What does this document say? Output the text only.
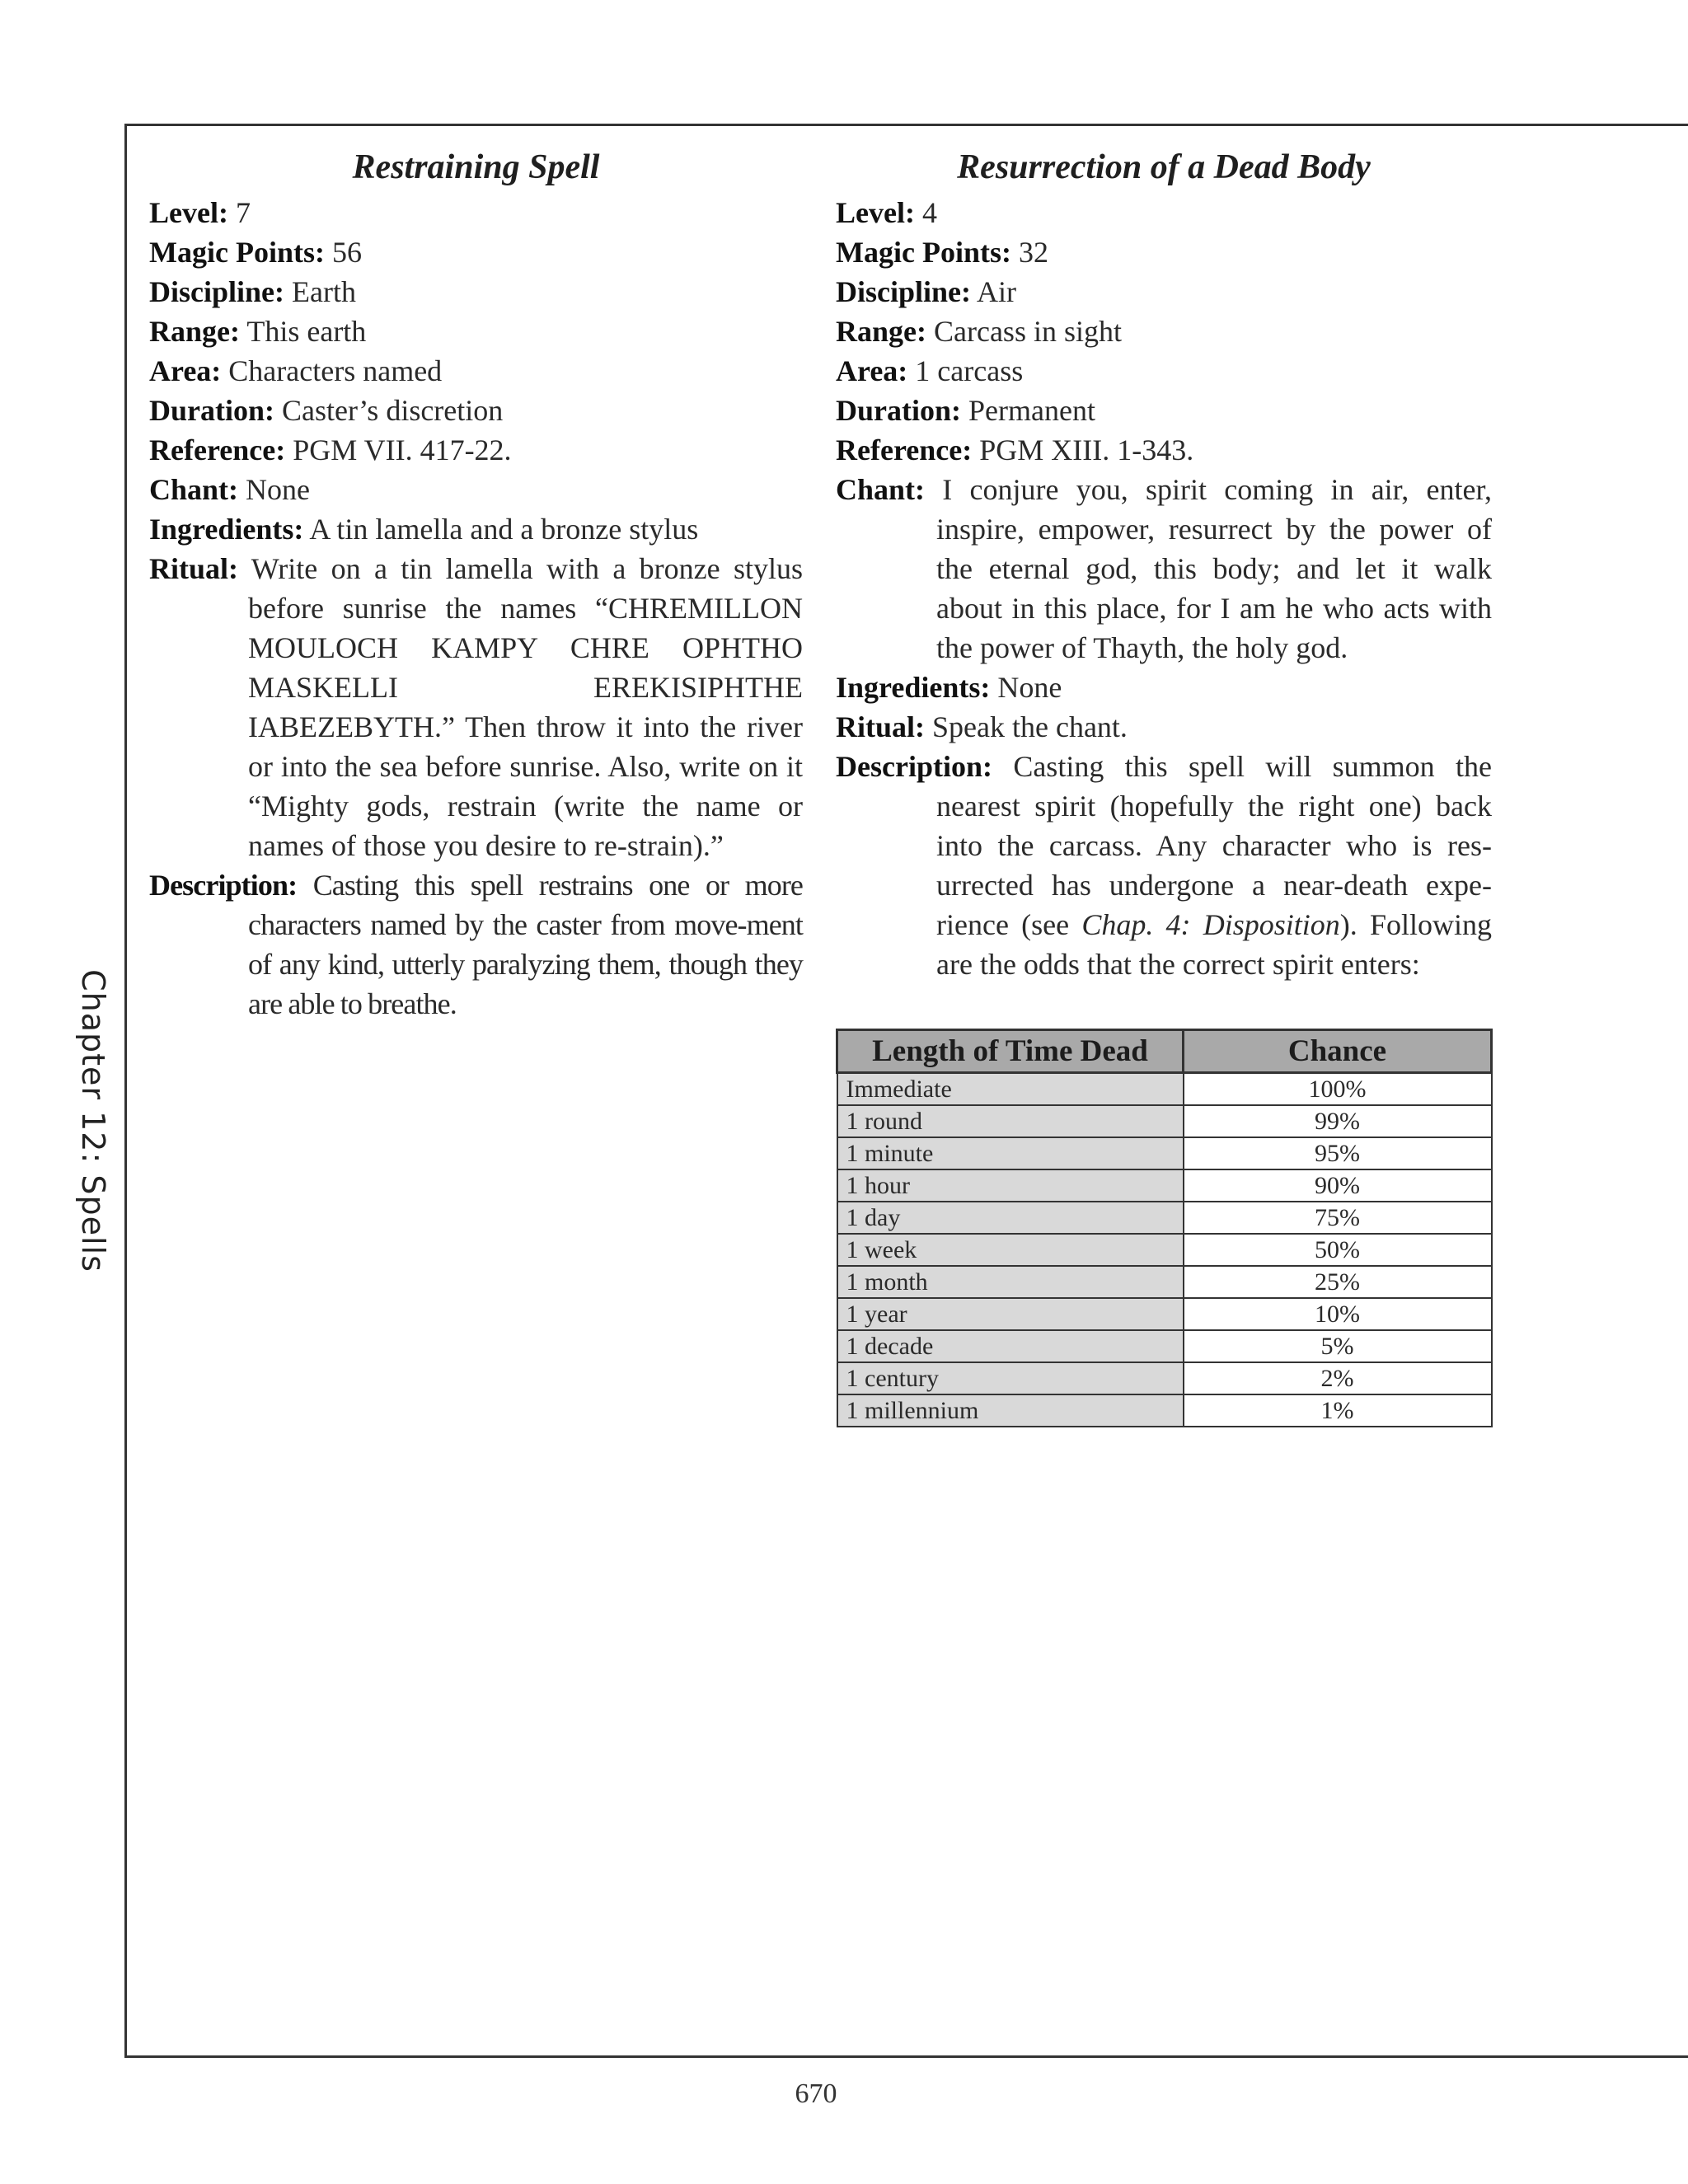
Chapter 12: Spells
Restraining Spell

Level: 7

Magic Points: 56

Discipline: Earth

Range: This earth

Area: Characters named

Duration: Caster’s discretion

Reference: PGM VII. 417-22.

Chant: None

Ingredients: A tin lamella and a bronze stylus

Ritual: Write on a tin lamella with a bronze stylus before sunrise the names “CHREMILLON MOULOCH KAMPY CHRE OPHTHO MASKELLI EREKISIPHTHE IABEZEBYTH.” Then throw it into the river or into the sea before sunrise. Also, write on it “Mighty gods, restrain (write the name or names of those you desire to re-strain).”

Description: Casting this spell restrains one or more characters named by the caster from move-ment of any kind, utterly paralyzing them, though they are able to breathe.

Resurrection of a Dead Body

Level: 4

Magic Points: 32

Discipline: Air

Range: Carcass in sight

Area: 1 carcass

Duration: Permanent

Reference: PGM XIII. 1-343.

Chant: I conjure you, spirit coming in air, enter, inspire, empower, resurrect by the power of the eternal god, this body; and let it walk about in this place, for I am he who acts with the power of Thayth, the holy god.

Ingredients: None

Ritual: Speak the chant.

Description: Casting this spell will summon the nearest spirit (hopefully the right one) back into the carcass. Any character who is res-urrected has undergone a near-death expe-rience (see Chap. 4: Disposition). Following are the odds that the correct spirit enters:

Length of Time Dead	Chance
Immediate	100%
1 round	99%
1 minute	95%
1 hour	90%
1 day	75%
1 week	50%
1 month	25%
1 year	10%
1 decade	5%
1 century	2%
1 millennium	1%
670
